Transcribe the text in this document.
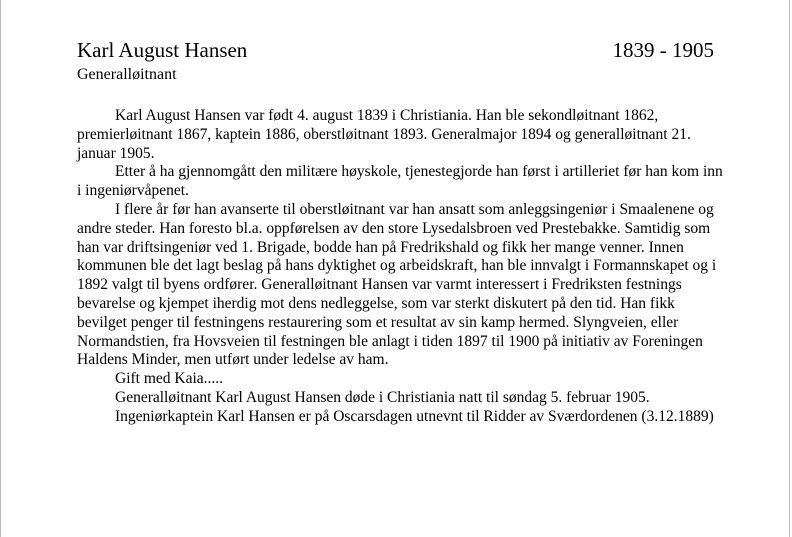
Karl August Hansen	1839 - 1905
Generalløitnant

Karl August Hansen var født 4. august 1839 i Christiania. Han ble sekondløitnant 1862, premierløitnant 1867, kaptein 1886, oberstløitnant 1893. Generalmajor 1894 og generalløitnant 21. januar 1905.

Etter å ha gjennomgått den militære høyskole, tjenestegjorde han først i artilleriet før han kom inn i ingeniørvåpenet.

I flere år før han avanserte til oberstløitnant var han ansatt som anleggsingeniør i Smaalenene og andre steder. Han foresto bl.a. oppførelsen av den store Lysedalsbroen ved Prestebakke. Samtidig som han var driftsingeniør ved 1. Brigade, bodde han på Fredrikshald og fikk her mange venner. Innen kommunen ble det lagt beslag på hans dyktighet og arbeidskraft, han ble innvalgt i Formannskapet og i 1892 valgt til byens ordfører. Generalløitnant Hansen var varmt interessert i Fredriksten festnings bevarelse og kjempet iherdig mot dens nedleggelse, som var sterkt diskutert på den tid. Han fikk bevilget penger til festningens restaurering som et resultat av sin kamp hermed. Slyngveien, eller Normandstien, fra Hovsveien til festningen ble anlagt i tiden 1897 til 1900 på initiativ av Foreningen Haldens Minder, men utført under ledelse av ham.

Gift med Kaia.....

Generalløitnant Karl August Hansen døde i Christiania natt til søndag 5. februar 1905.

Ingeniørkaptein Karl Hansen er på Oscarsdagen utnevnt til Ridder av Sværdordenen (3.12.1889)
